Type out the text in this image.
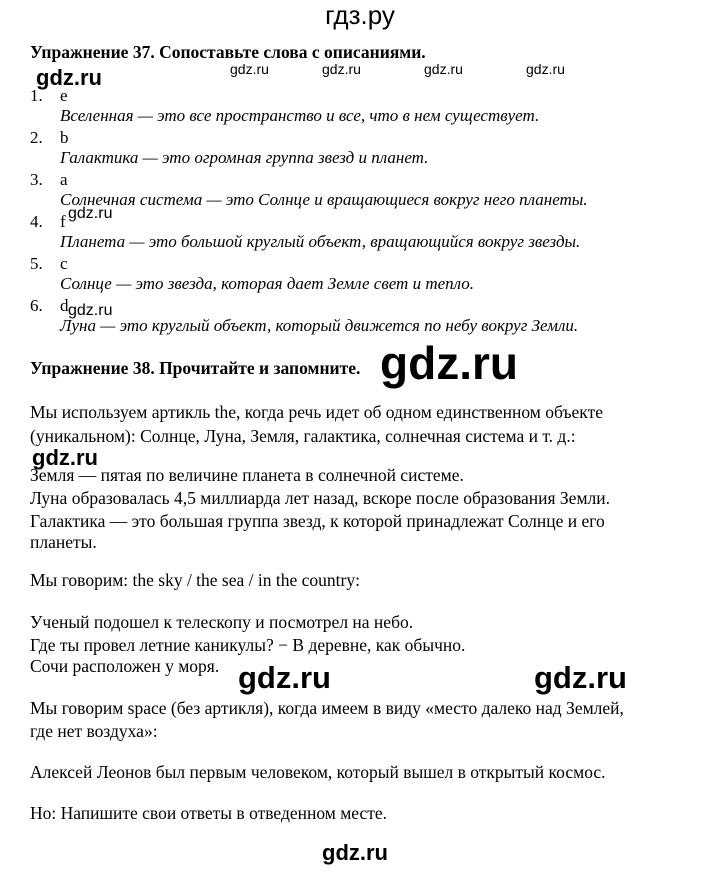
гдз.ру
Упражнение 37. Сопоставьте слова с описаниями.
gdz.ru	gdz.ru	gdz.ru	gdz.ru	gdz.ru
1. e
Вселенная — это все пространство и все, что в нем существует.
2. b
Галактика — это огромная группа звезд и планет.
3. a
Солнечная система — это Солнце и вращающиеся вокруг него планеты.
4. f
Планета — это большой круглый объект, вращающийся вокруг звезды.
5. c
Солнце — это звезда, которая дает Земле свет и тепло.
6. d
Луна — это круглый объект, который движется по небу вокруг Земли.
gdz.ru
gdz.ru
Упражнение 38. Прочитайте и запомните. gdz.ru
Мы используем артикль the, когда речь идет об одном единственном объекте
(уникальном): Солнце, Луна, Земля, галактика, солнечная система и т. д.:
gdz.ru
Земля — пятая по величине планета в солнечной системе.
Луна образовалась 4,5 миллиарда лет назад, вскоре после образования Земли.
Галактика — это большая группа звезд, к которой принадлежат Солнце и его
планеты.
Мы говорим: the sky / the sea / in the country:
Ученый подошел к телескопу и посмотрел на небо.
Где ты провел летние каникулы? − В деревне, как обычно.
Сочи расположен у моря. gdz.ru	gdz.ru
Мы говорим space (без артикля), когда имеем в виду «место далеко над Землей,
где нет воздуха»:
Алексей Леонов был первым человеком, который вышел в открытый космос.
Но: Напишите свои ответы в отведенном месте.
gdz.ru
